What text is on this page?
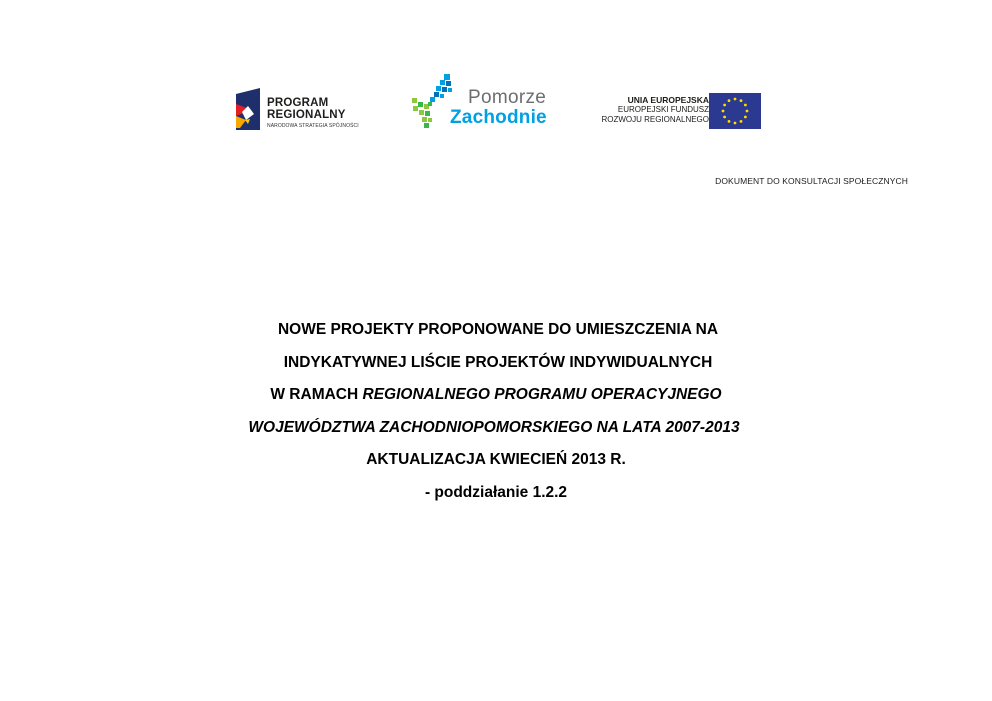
PROGRAM
REGIONALNY
NARODOWA STRATEGIA SPÓJNOŚCI
Pomorze
Zachodnie
UNIA EUROPEJSKA
EUROPEJSKI FUNDUSZ
ROZWOJU REGIONALNEGO
DOKUMENT DO KONSULTACJI SPOŁECZNYCH
NOWE PROJEKTY PROPONOWANE DO UMIESZCZENIA NA
INDYKATYWNEJ LIŚCIE PROJEKTÓW INDYWIDUALNYCH
W RAMACH REGIONALNEGO PROGRAMU OPERACYJNEGO
WOJEWÓDZTWA ZACHODNIOPOMORSKIEGO NA LATA 2007-2013
AKTUALIZACJA KWIECIEŃ 2013 R.
- poddziałanie 1.2.2
